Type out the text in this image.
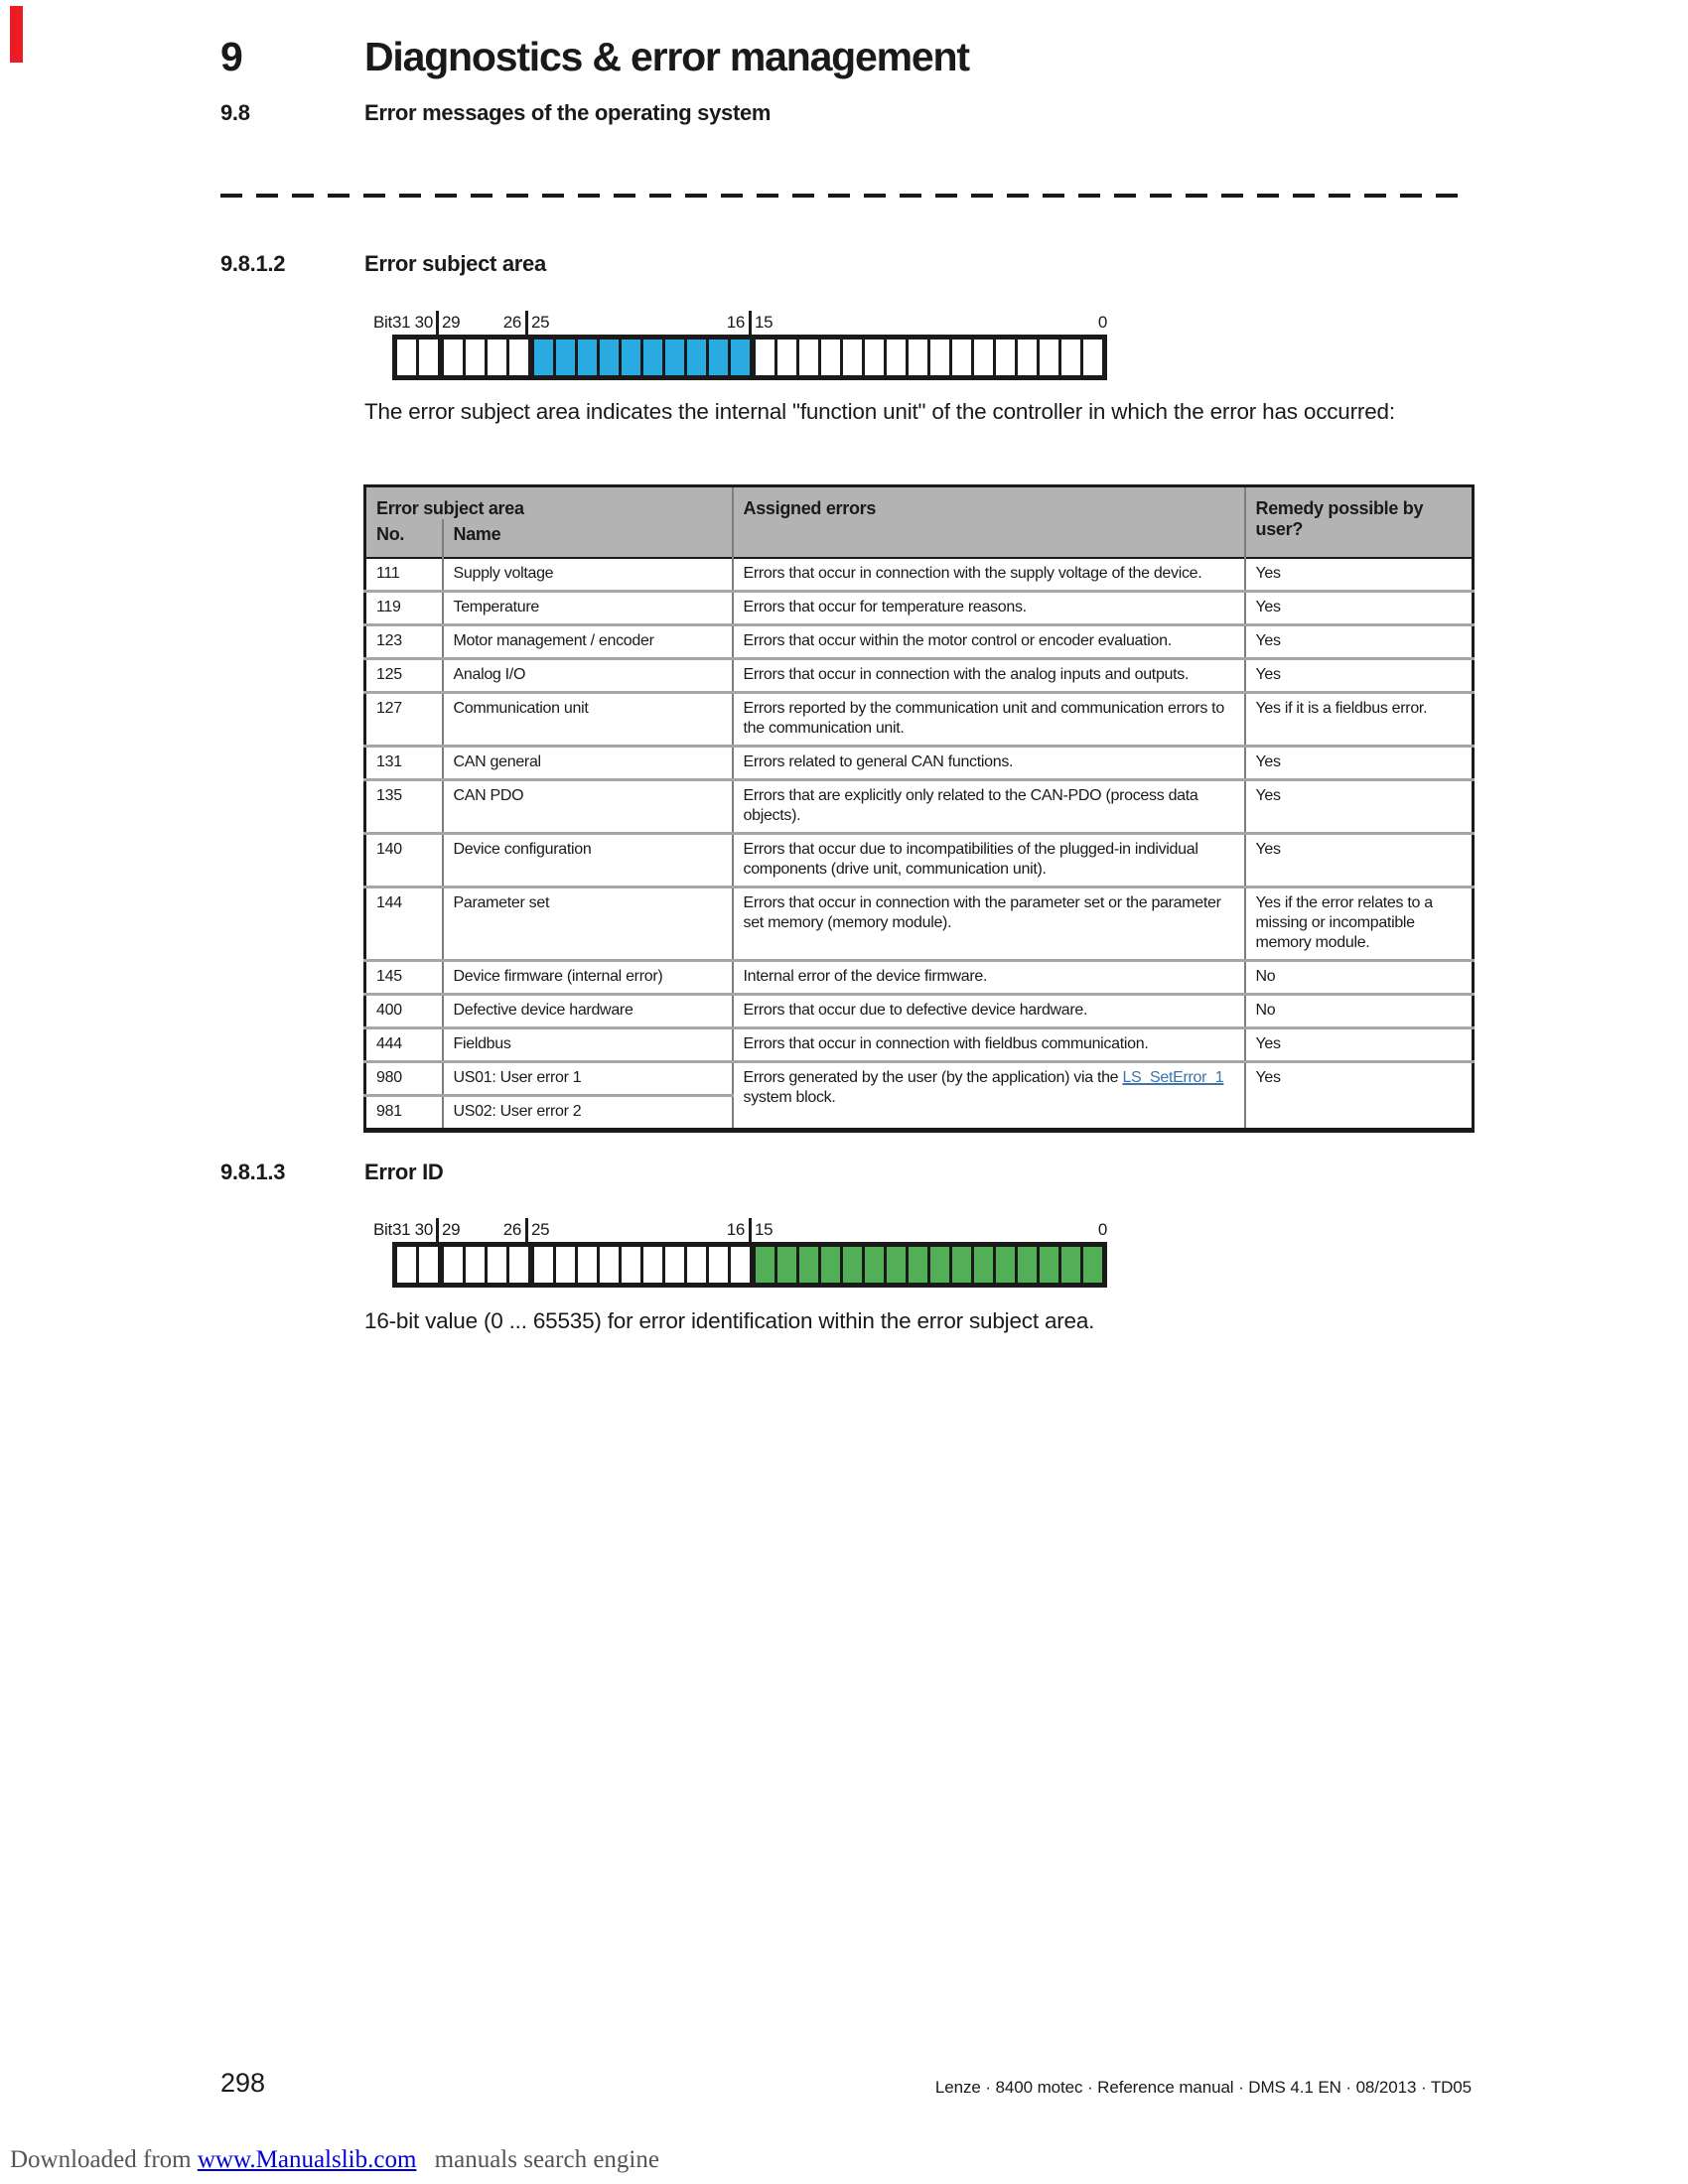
9	Diagnostics & error management
9.8	Error messages of the operating system
9.8.1.2	Error subject area
Bit31 30 29	26 25	16 15	0
The error subject area indicates the internal "function unit" of the controller in which the error has occurred:
Error subject area		Assigned errors	Remedy possible by user?
No.	Name		
111	Supply voltage	Errors that occur in connection with the supply voltage of the device.	Yes
119	Temperature	Errors that occur for temperature reasons.	Yes
123	Motor management / encoder	Errors that occur within the motor control or encoder evaluation.	Yes
125	Analog I/O	Errors that occur in connection with the analog inputs and outputs.	Yes
127	Communication unit	Errors reported by the communication unit and communication errors to the communication unit.	Yes if it is a fieldbus error.
131	CAN general	Errors related to general CAN functions.	Yes
135	CAN PDO	Errors that are explicitly only related to the CAN-PDO (process data objects).	Yes
140	Device configuration	Errors that occur due to incompatibilities of the plugged-in individual components (drive unit, communication unit).	Yes
144	Parameter set	Errors that occur in connection with the parameter set or the parameter set memory (memory module).	Yes if the error relates to a missing or incompatible memory module.
145	Device firmware (internal error)	Internal error of the device firmware.	No
400	Defective device hardware	Errors that occur due to defective device hardware.	No
444	Fieldbus	Errors that occur in connection with fieldbus communication.	Yes
980	US01: User error 1	Errors generated by the user (by the application) via the LS_SetError_1 system block.	Yes
981	US02: User error 2		
9.8.1.3	Error ID
Bit31 30 29	26 25	16 15	0
16-bit value (0 ... 65535) for error identification within the error subject area.
298	Lenze · 8400 motec · Reference manual · DMS 4.1 EN · 08/2013 · TD05
Downloaded from www.Manualslib.com manuals search engine
